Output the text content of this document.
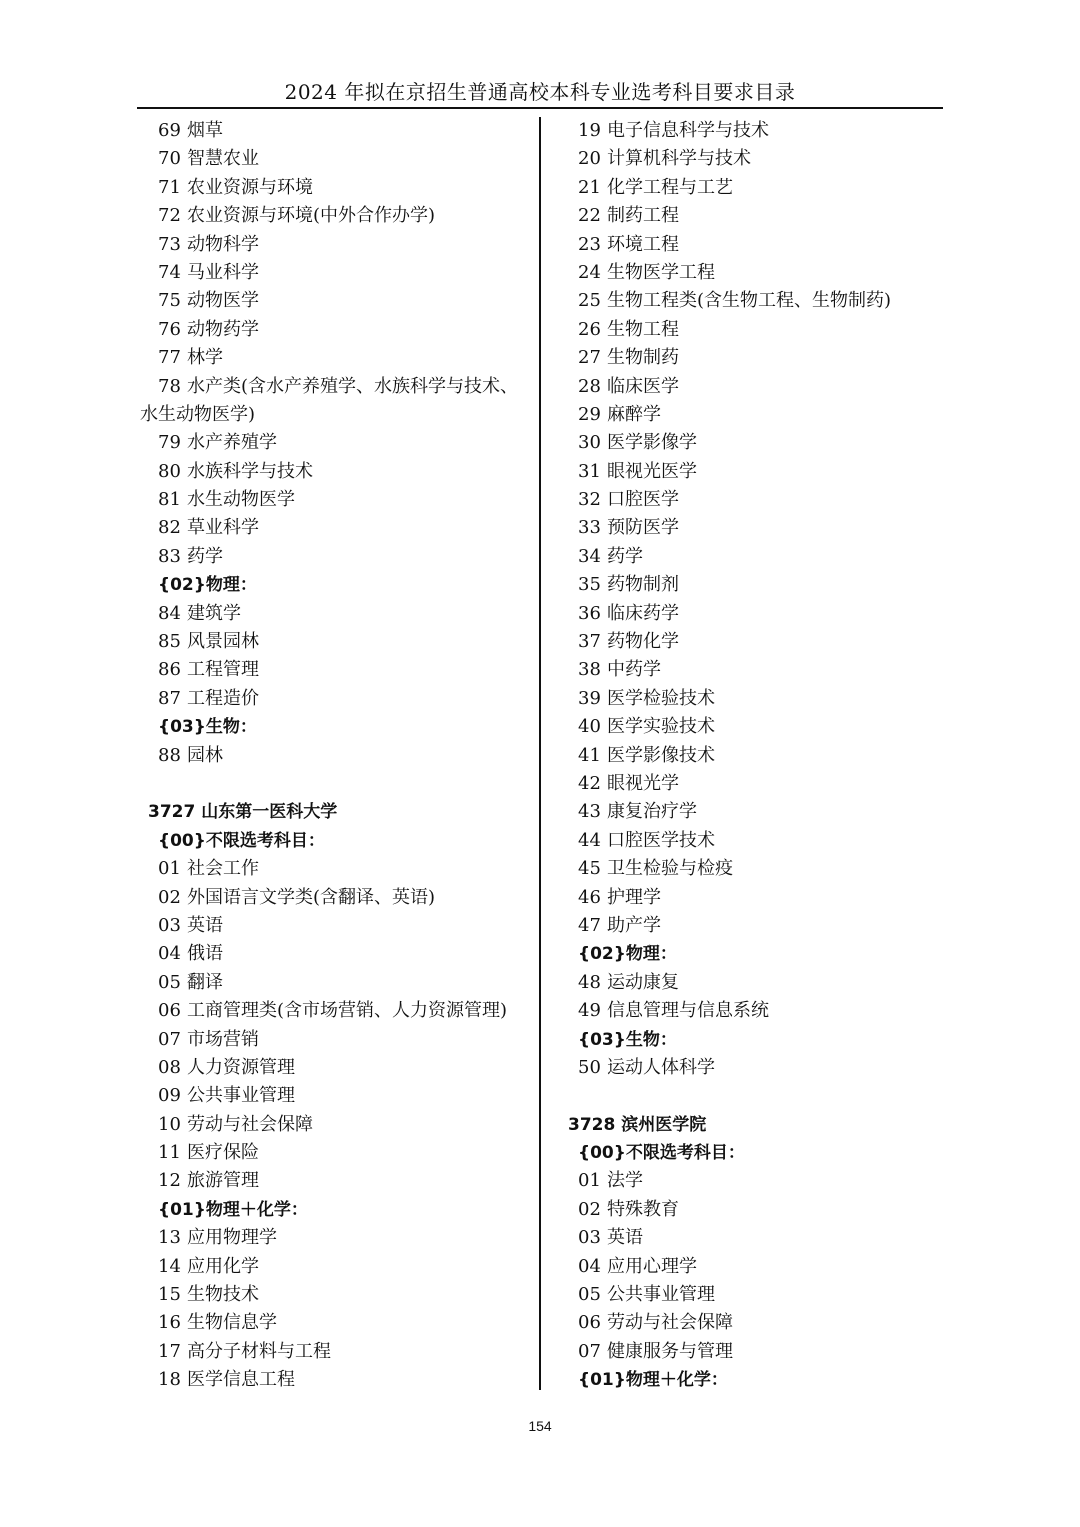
2024 年拟在京招生普通高校本科专业选考科目要求目录
69 烟草
70 智慧农业
71 农业资源与环境
72 农业资源与环境(中外合作办学)
73 动物科学
74 马业科学
75 动物医学
76 动物药学
77 林学
78 水产类(含水产养殖学、水族科学与技术、
水生动物医学)
79 水产养殖学
80 水族科学与技术
81 水生动物医学
82 草业科学
83 药学
{02}物理：
84 建筑学
85 风景园林
86 工程管理
87 工程造价
{03}生物：
88 园林
3727 山东第一医科大学
{00}不限选考科目：
01 社会工作
02 外国语言文学类(含翻译、英语)
03 英语
04 俄语
05 翻译
06 工商管理类(含市场营销、人力资源管理)
07 市场营销
08 人力资源管理
09 公共事业管理
10 劳动与社会保障
11 医疗保险
12 旅游管理
{01}物理＋化学：
13 应用物理学
14 应用化学
15 生物技术
16 生物信息学
17 高分子材料与工程
18 医学信息工程
19 电子信息科学与技术
20 计算机科学与技术
21 化学工程与工艺
22 制药工程
23 环境工程
24 生物医学工程
25 生物工程类(含生物工程、生物制药)
26 生物工程
27 生物制药
28 临床医学
29 麻醉学
30 医学影像学
31 眼视光医学
32 口腔医学
33 预防医学
34 药学
35 药物制剂
36 临床药学
37 药物化学
38 中药学
39 医学检验技术
40 医学实验技术
41 医学影像技术
42 眼视光学
43 康复治疗学
44 口腔医学技术
45 卫生检验与检疫
46 护理学
47 助产学
{02}物理：
48 运动康复
49 信息管理与信息系统
{03}生物：
50 运动人体科学
3728 滨州医学院
{00}不限选考科目：
01 法学
02 特殊教育
03 英语
04 应用心理学
05 公共事业管理
06 劳动与社会保障
07 健康服务与管理
{01}物理＋化学：
154
